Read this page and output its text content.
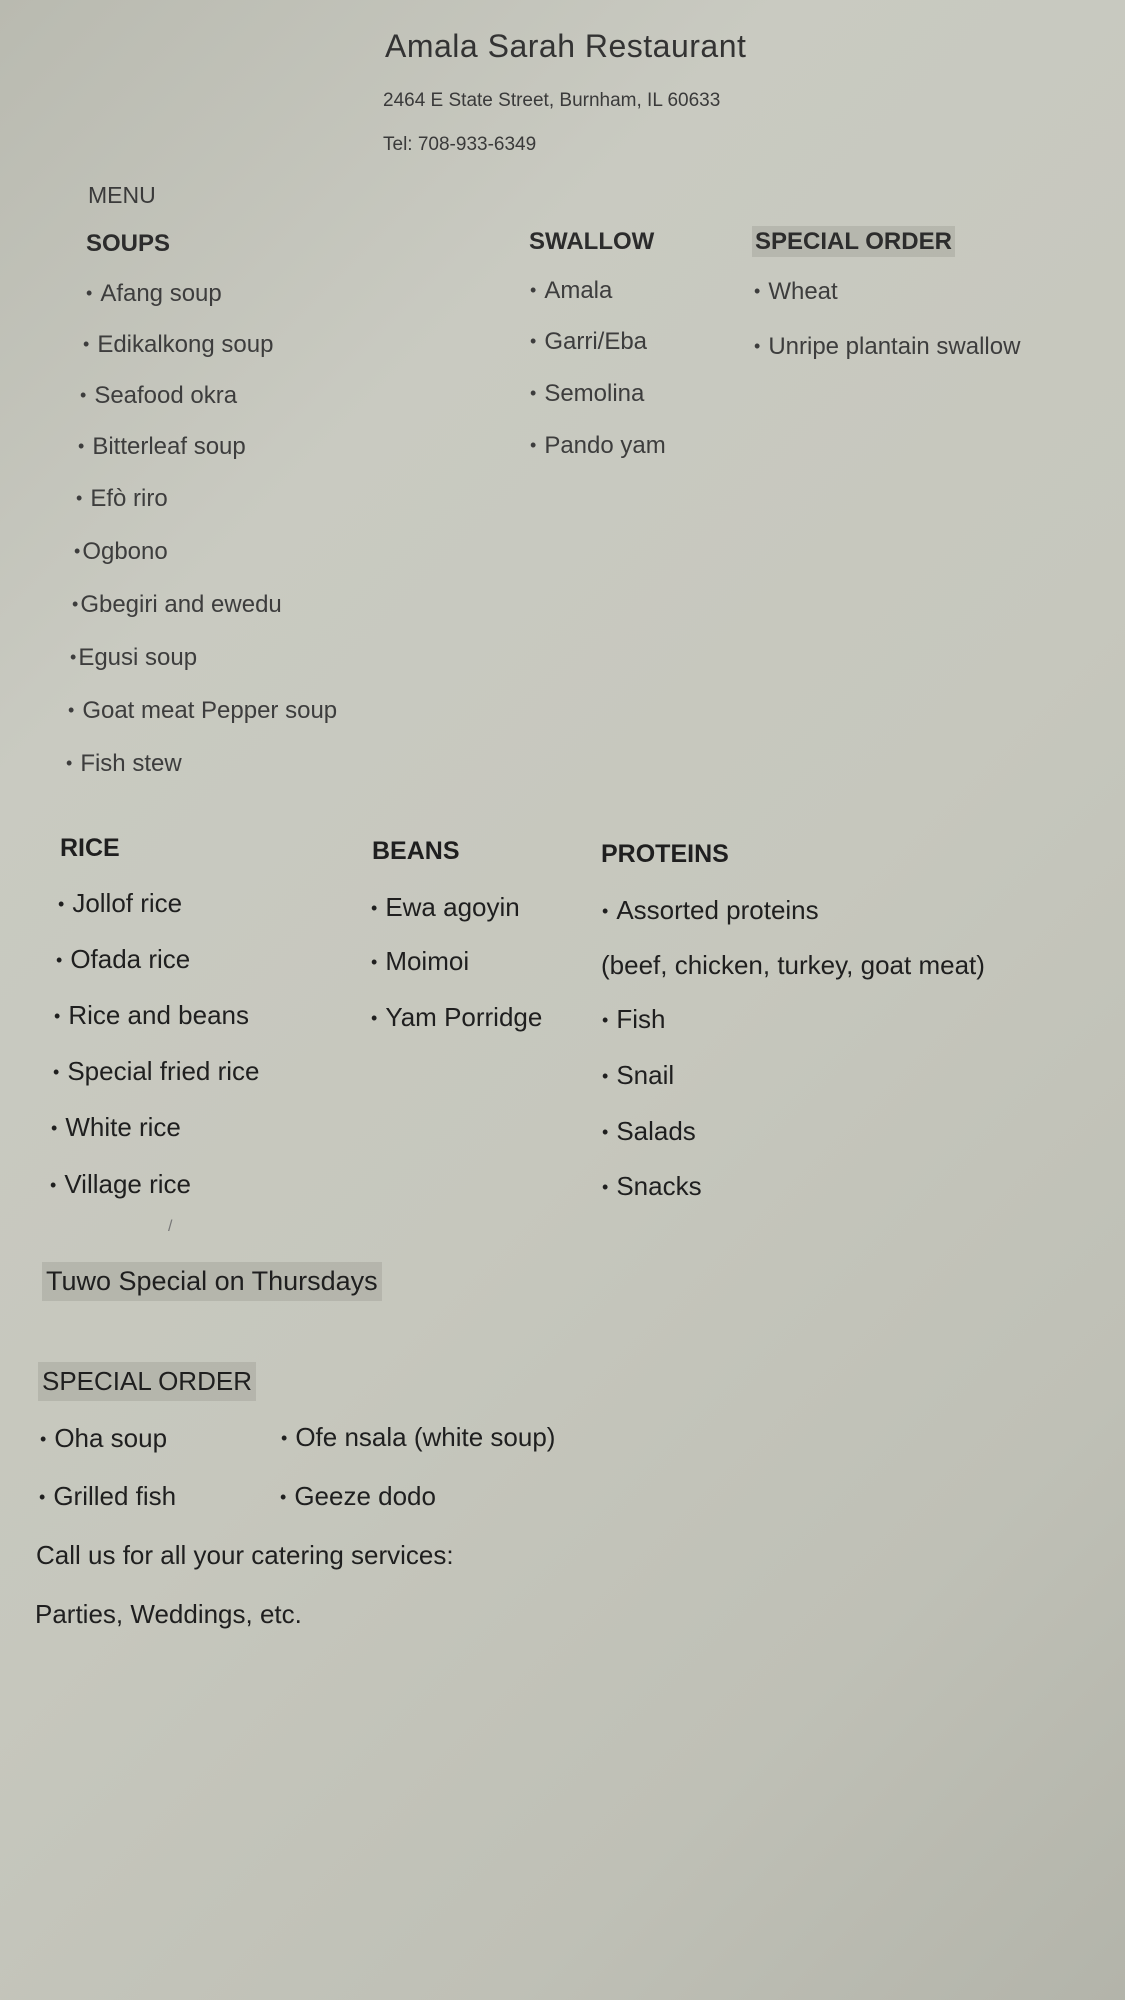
Amala Sarah Restaurant
2464 E State Street, Burnham, IL 60633
Tel: 708-933-6349
MENU
SOUPS
• Afang soup
• Edikalkong soup
• Seafood okra
• Bitterleaf soup
• Efò riro
•Ogbono
•Gbegiri and ewedu
•Egusi soup
• Goat meat Pepper soup
• Fish stew
SWALLOW
• Amala
• Garri/Eba
• Semolina
• Pando yam
SPECIAL ORDER
• Wheat
• Unripe plantain swallow
RICE
• Jollof rice
• Ofada rice
• Rice and beans
• Special fried rice
• White rice
• Village rice
BEANS
• Ewa agoyin
• Moimoi
• Yam Porridge
PROTEINS
• Assorted proteins
(beef, chicken, turkey, goat meat)
• Fish
• Snail
• Salads
• Snacks
/
Tuwo Special on Thursdays
SPECIAL ORDER
• Oha soup	• Ofe nsala (white soup)
• Grilled fish	• Geeze dodo
Call us for all your catering services:
Parties, Weddings, etc.
